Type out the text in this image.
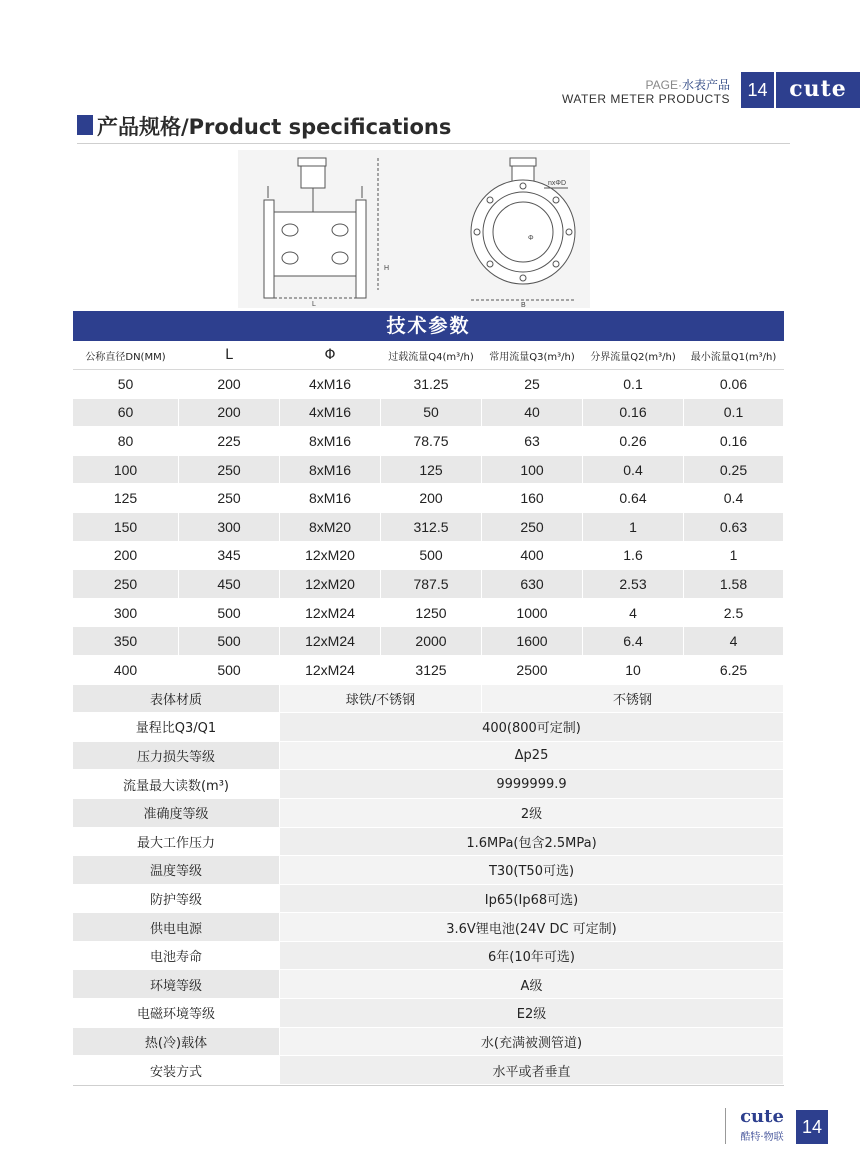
PAGE·水表产品
WATER METER PRODUCTS 14 cute
产品规格/Product specifications
L
H
Φ
nxΦD
B
技术参数
公称直径DN(MM)	L	Φ	过载流量Q4(m³/h)	常用流量Q3(m³/h)	分界流量Q2(m³/h)	最小流量Q1(m³/h)
50	200	4xM16	31.25	25	0.1	0.06
60	200	4xM16	50	40	0.16	0.1
80	225	8xM16	78.75	63	0.26	0.16
100	250	8xM16	125	100	0.4	0.25
125	250	8xM16	200	160	0.64	0.4
150	300	8xM20	312.5	250	1	0.63
200	345	12xM20	500	400	1.6	1
250	450	12xM20	787.5	630	2.53	1.58
300	500	12xM24	1250	1000	4	2.5
350	500	12xM24	2000	1600	6.4	4
400	500	12xM24	3125	2500	10	6.25
表体材质	球铁/不锈钢	不锈钢
量程比Q3/Q1	400(800可定制)
压力损失等级	Δp25
流量最大读数(m³)	9999999.9
准确度等级	2级
最大工作压力	1.6MPa(包含2.5MPa)
温度等级	T30(T50可选)
防护等级	Ip65(Ip68可选)
供电电源	3.6V锂电池(24V DC 可定制)
电池寿命	6年(10年可选)
环境等级	A级
电磁环境等级	E2级
热(冷)载体	水(充满被测管道)
安装方式	水平或者垂直
cute
酷特·物联
14
